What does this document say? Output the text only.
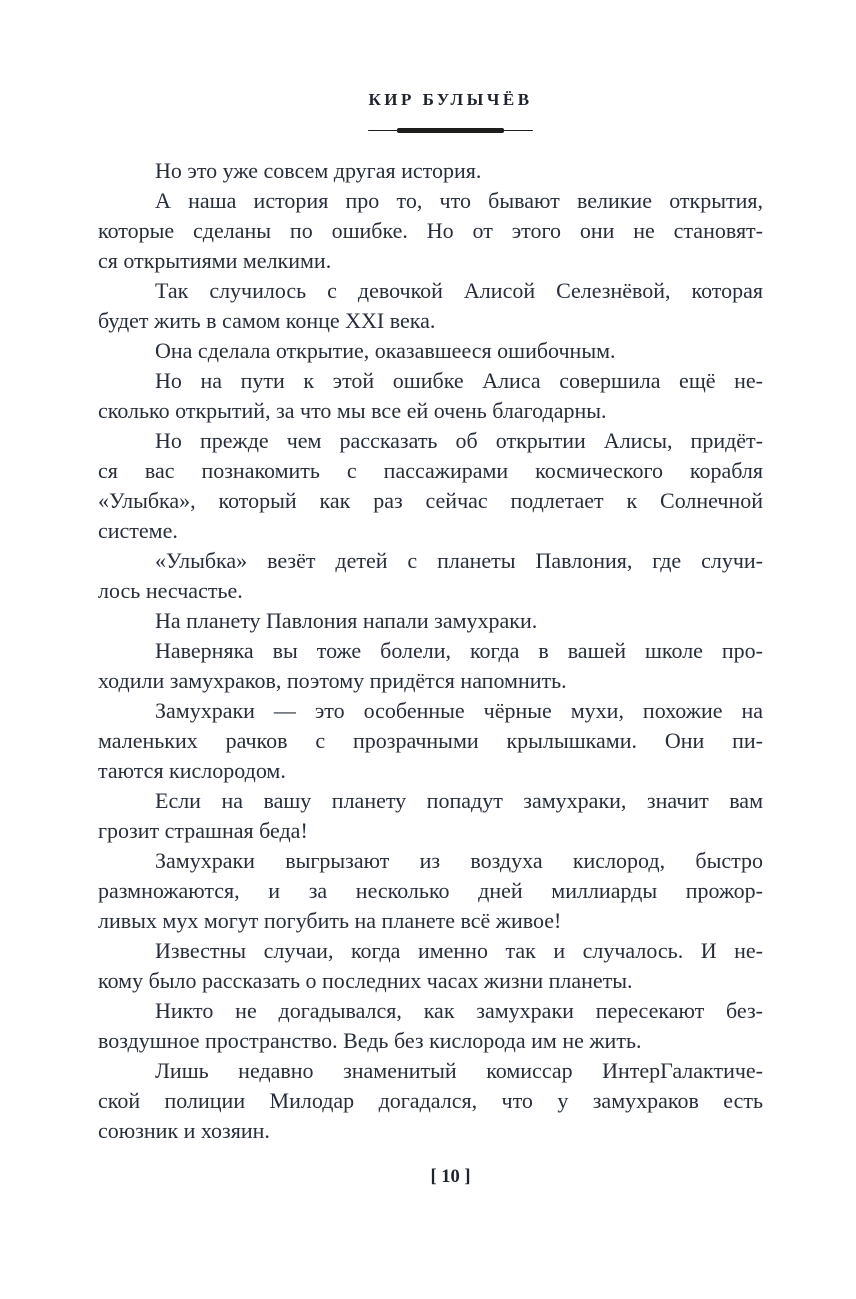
КИР БУЛЫЧЁВ
Но это уже совсем другая история.
А наша история про то, что бывают великие открытия,
которые сделаны по ошибке. Но от этого они не становят-
ся открытиями мелкими.
Так случилось с девочкой Алисой Селезнёвой, которая
будет жить в самом конце XXI века.
Она сделала открытие, оказавшееся ошибочным.
Но на пути к этой ошибке Алиса совершила ещё не-
сколько открытий, за что мы все ей очень благодарны.
Но прежде чем рассказать об открытии Алисы, придёт-
ся вас познакомить с пассажирами космического корабля
«Улыбка», который как раз сейчас подлетает к Солнечной
системе.
«Улыбка» везёт детей с планеты Павлония, где случи-
лось несчастье.
На планету Павлония напали замухраки.
Наверняка вы тоже болели, когда в вашей школе про-
ходили замухраков, поэтому придётся напомнить.
Замухраки — это особенные чёрные мухи, похожие на
маленьких рачков с прозрачными крылышками. Они пи-
таются кислородом.
Если на вашу планету попадут замухраки, значит вам
грозит страшная беда!
Замухраки выгрызают из воздуха кислород, быстро
размножаются, и за несколько дней миллиарды прожор-
ливых мух могут погубить на планете всё живое!
Известны случаи, когда именно так и случалось. И не-
кому было рассказать о последних часах жизни планеты.
Никто не догадывался, как замухраки пересекают без-
воздушное пространство. Ведь без кислорода им не жить.
Лишь недавно знаменитый комиссар ИнтерГалактиче-
ской полиции Милодар догадался, что у замухраков есть
союзник и хозяин.
[ 10 ]
